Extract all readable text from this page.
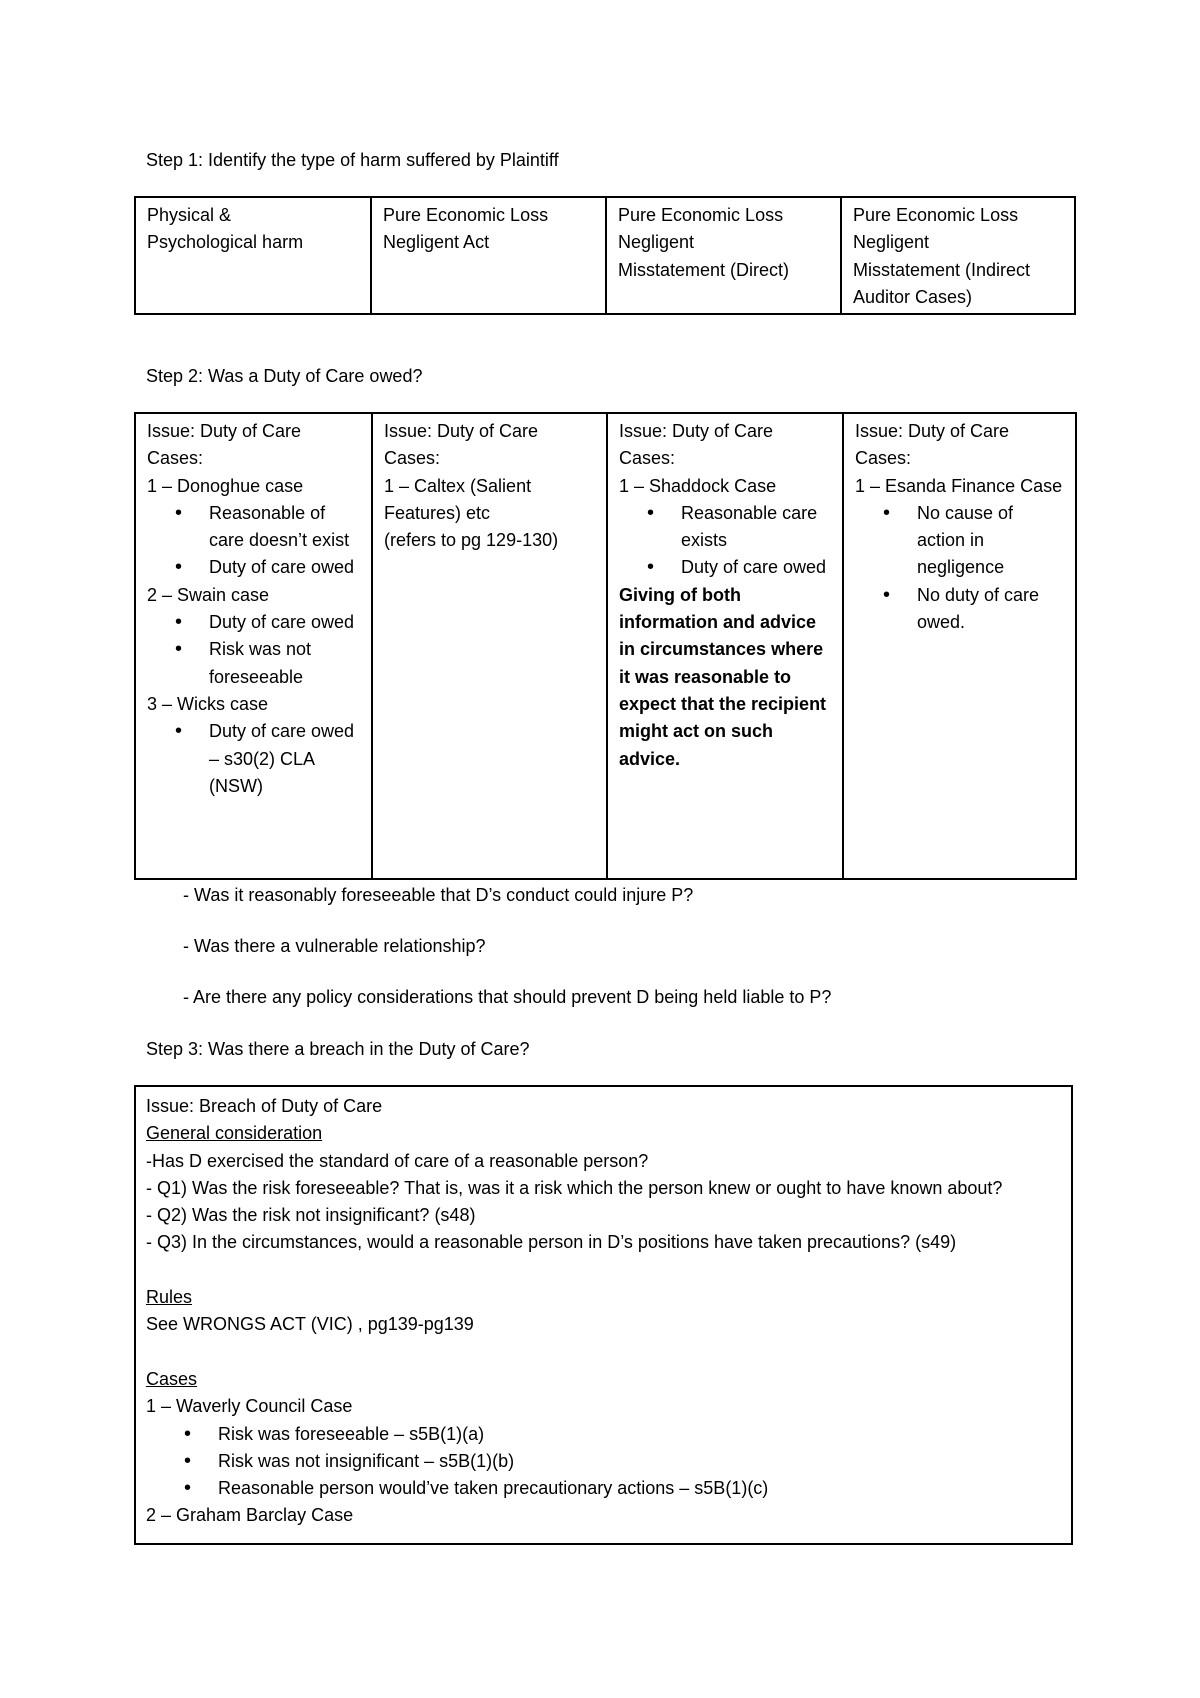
Step 1: Identify the type of harm suffered by Plaintiff
Physical &
Psychological harm

Pure Economic Loss
Negligent Act

Pure Economic Loss
Negligent
Misstatement (Direct)

Pure Economic Loss
Negligent
Misstatement (Indirect
Auditor Cases)
Step 2: Was a Duty of Care owed?
Issue: Duty of Care
Cases:
1 – Donoghue case
• Reasonable of care doesn’t exist
• Duty of care owed
2 – Swain case
• Duty of care owed
• Risk was not foreseeable
3 – Wicks case
• Duty of care owed – s30(2) CLA (NSW)

Issue: Duty of Care
Cases:
1 – Caltex (Salient Features) etc
(refers to pg 129-130)

Issue: Duty of Care
Cases:
1 – Shaddock Case
• Reasonable care exists
• Duty of care owed
Giving of both information and advice in circumstances where it was reasonable to expect that the recipient might act on such advice.

Issue: Duty of Care
Cases:
1 – Esanda Finance Case
• No cause of action in negligence
• No duty of care owed.
- Was it reasonably foreseeable that D’s conduct could injure P?
- Was there a vulnerable relationship?
- Are there any policy considerations that should prevent D being held liable to P?
Step 3: Was there a breach in the Duty of Care?
Issue: Breach of Duty of Care
General consideration
-Has D exercised the standard of care of a reasonable person?
- Q1) Was the risk foreseeable? That is, was it a risk which the person knew or ought to have known about?
- Q2) Was the risk not insignificant? (s48)
- Q3) In the circumstances, would a reasonable person in D’s positions have taken precautions? (s49)

Rules
See WRONGS ACT (VIC) , pg139-pg139

Cases
1 – Waverly Council Case
• Risk was foreseeable – s5B(1)(a)
• Risk was not insignificant – s5B(1)(b)
• Reasonable person would’ve taken precautionary actions – s5B(1)(c)
2 – Graham Barclay Case
